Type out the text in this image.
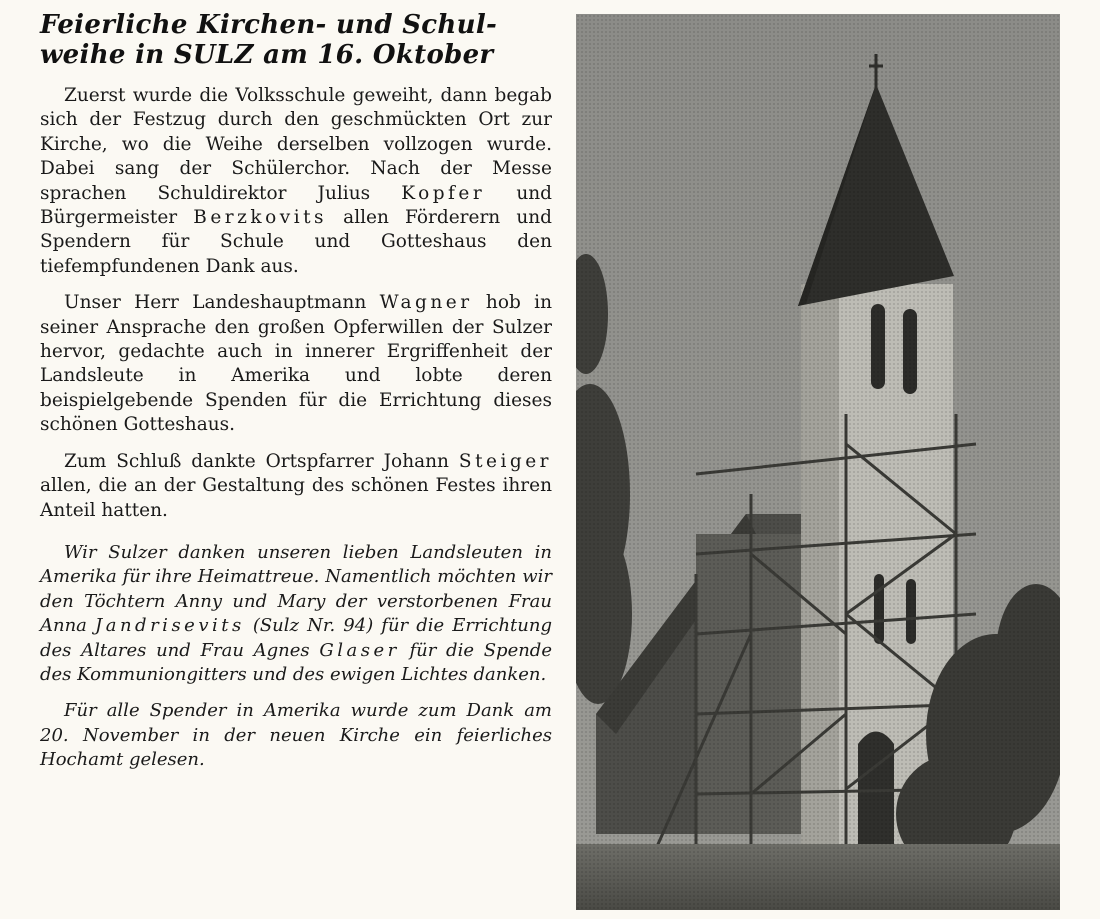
Feierliche Kirchen- und Schul-
weihe in SULZ am 16. Oktober

Zuerst wurde die Volksschule geweiht, dann begab sich der Festzug durch den geschmückten Ort zur Kirche, wo die Weihe derselben vollzogen wurde. Dabei sang der Schülerchor. Nach der Messe sprachen Schuldirektor Julius Kopfer und Bürgermeister Berzkovits allen Förderern und Spendern für Schule und Gotteshaus den tiefempfundenen Dank aus.

Unser Herr Landeshauptmann Wagner hob in seiner Ansprache den großen Opferwillen der Sulzer hervor, gedachte auch in innerer Ergriffenheit der Landsleute in Amerika und lobte deren beispielgebende Spenden für die Errichtung dieses schönen Gotteshaus.

Zum Schluß dankte Ortspfarrer Johann Steiger allen, die an der Gestaltung des schönen Festes ihren Anteil hatten.

Wir Sulzer danken unseren lieben Landsleuten in Amerika für ihre Heimattreue. Namentlich möchten wir den Töchtern Anny und Mary der verstorbenen Frau Anna Jandrisevits (Sulz Nr. 94) für die Errichtung des Altares und Frau Agnes Glaser für die Spende des Kommuniongitters und des ewigen Lichtes danken.

Für alle Spender in Amerika wurde zum Dank am 20. November in der neuen Kirche ein feierliches Hochamt gelesen.
